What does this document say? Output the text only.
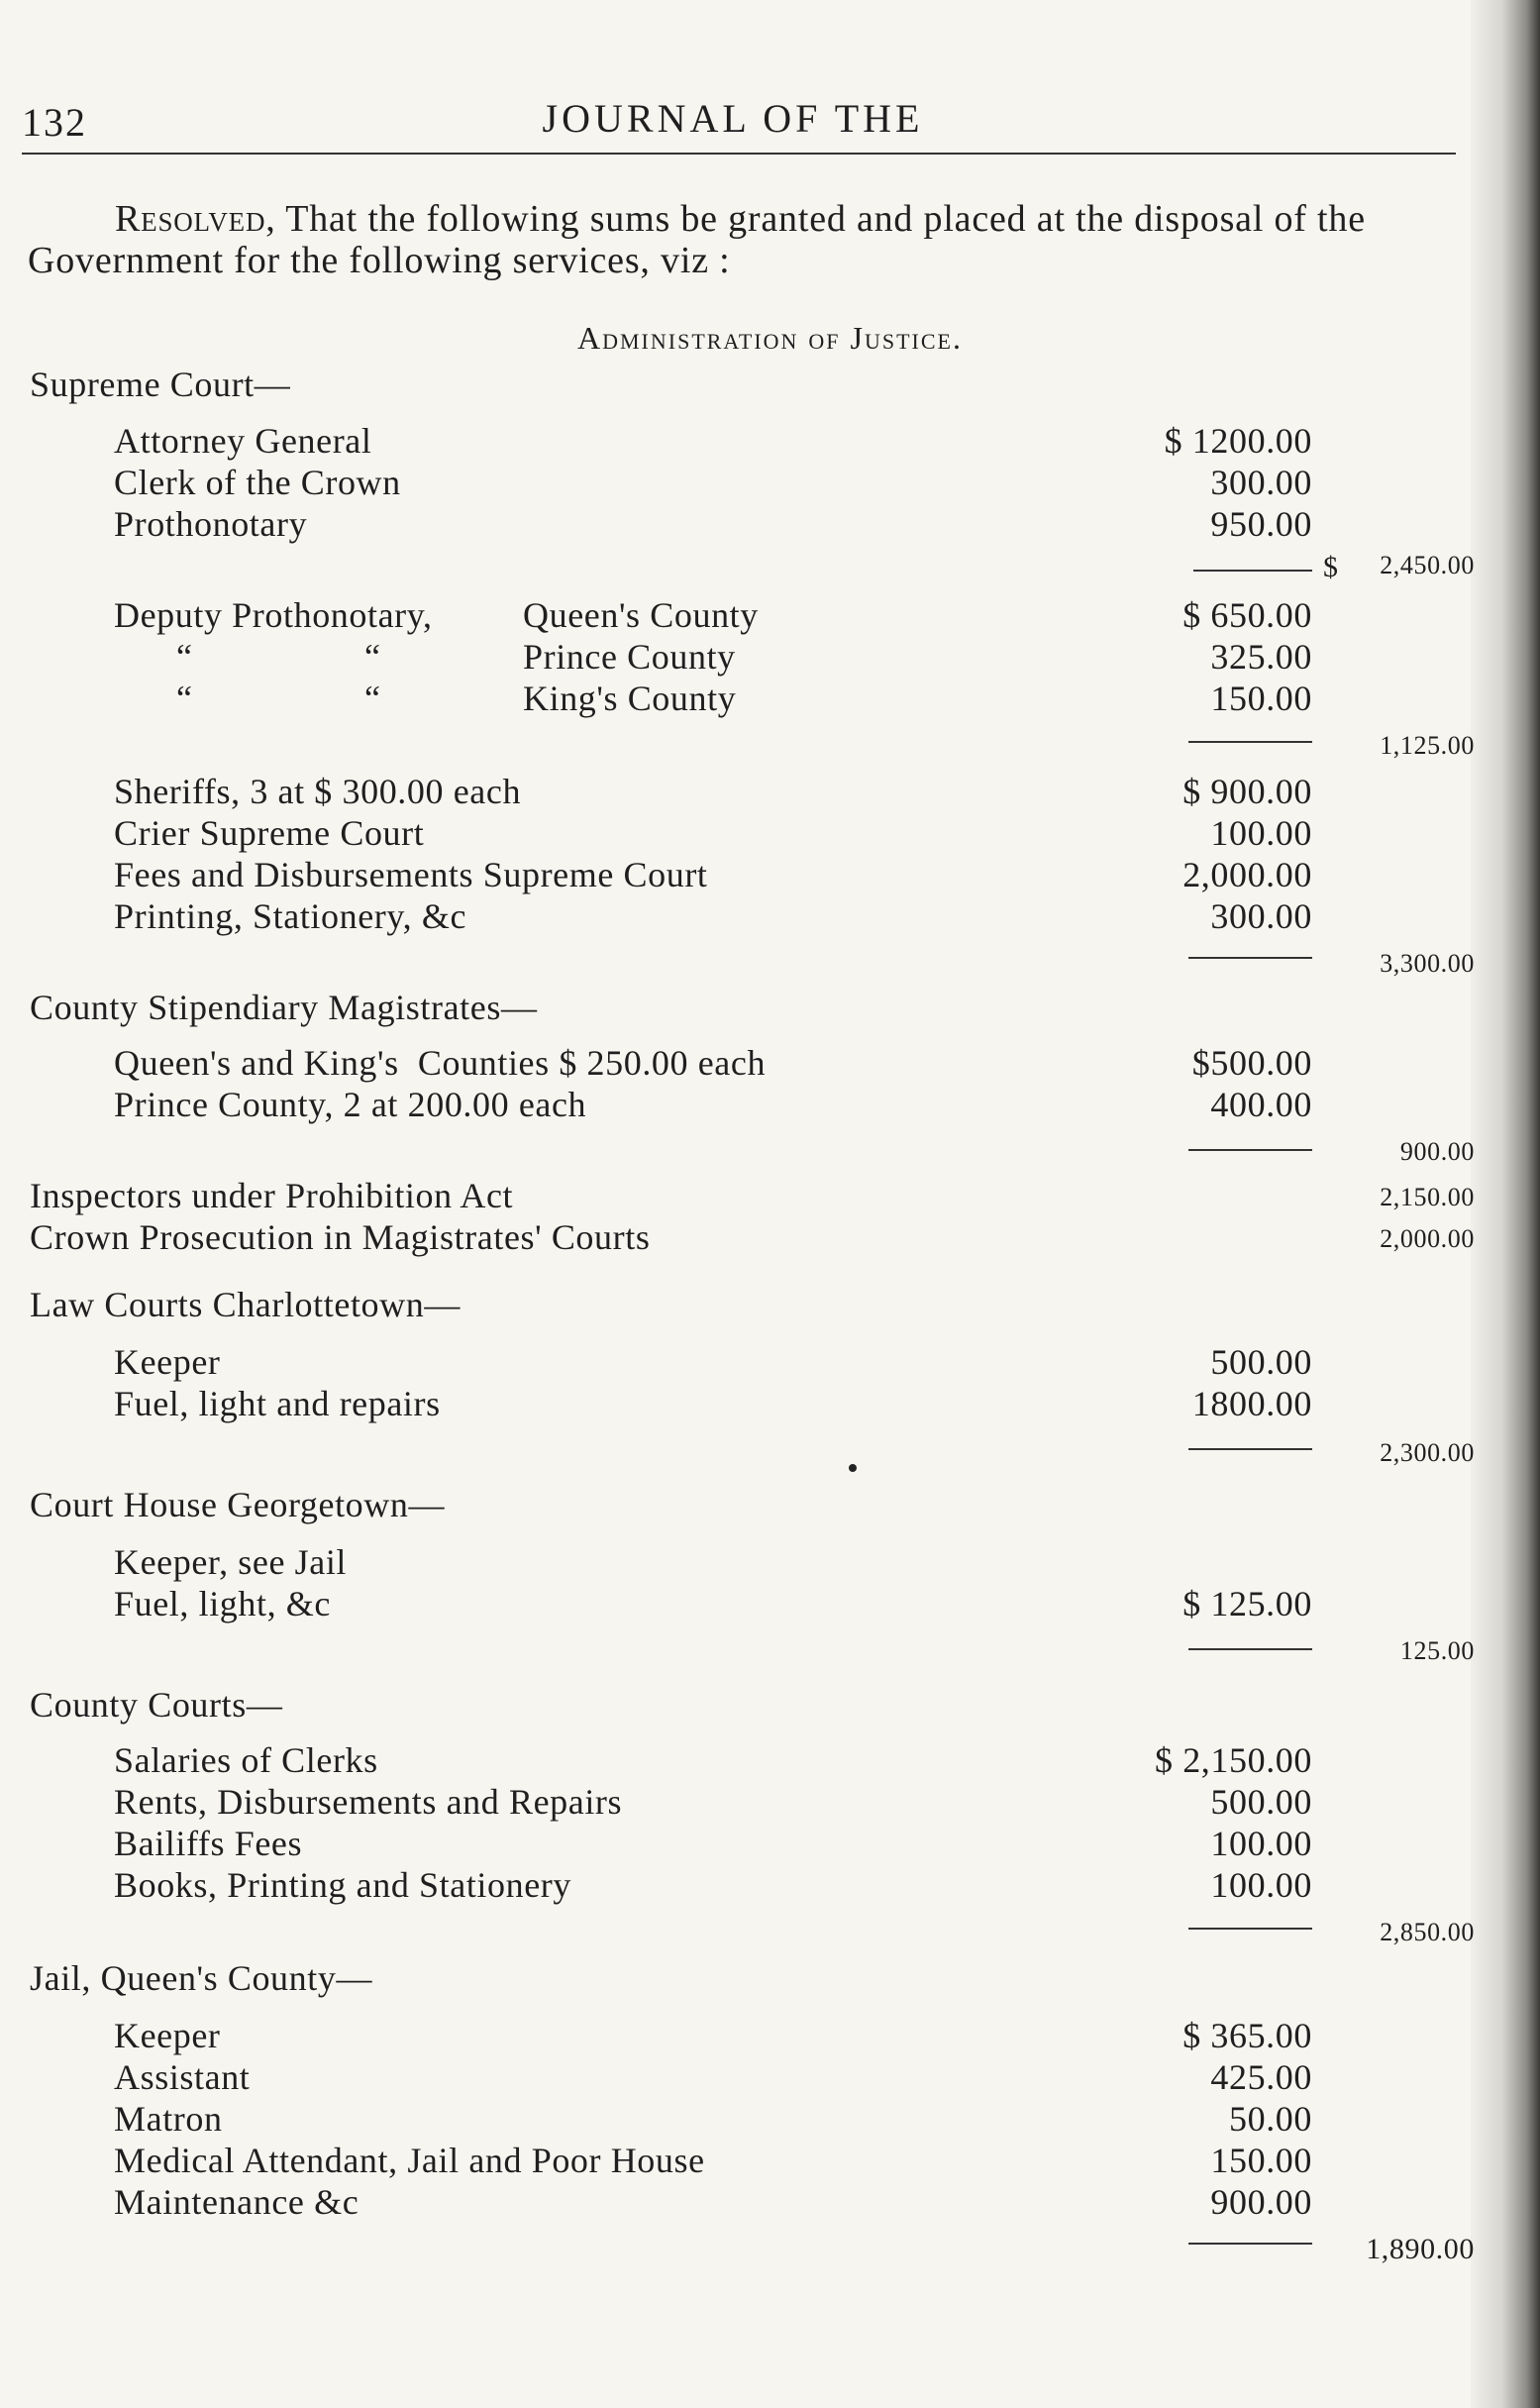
132	JOURNAL OF THE
Resolved, That the following sums be granted and placed at the disposal of the Government for the following services, viz :
Administration of Justice.
Supreme Court—
Attorney General	$ 1200.00
Clerk of the Crown	300.00
Prothonotary	950.00
$ 2,450.00
Deputy Prothonotary,	Queen's County	$ 650.00
“	“	Prince County	325.00
“	“	King's County	150.00
1,125.00
Sheriffs, 3 at $ 300.00 each	$ 900.00
Crier Supreme Court	100.00
Fees and Disbursements Supreme Court	2,000.00
Printing, Stationery, &c	300.00
3,300.00
County Stipendiary Magistrates—
Queen's and King's  Counties $ 250.00 each	$500.00
Prince County, 2 at 200.00 each	400.00
900.00
Inspectors under Prohibition Act	2,150.00
Crown Prosecution in Magistrates' Courts	2,000.00
Law Courts Charlottetown—
Keeper	500.00
Fuel, light and repairs	1800.00
2,300.00
Court House Georgetown—
Keeper, see Jail
Fuel, light, &c	$ 125.00
125.00
County Courts—
Salaries of Clerks	$ 2,150.00
Rents, Disbursements and Repairs	500.00
Bailiffs Fees	100.00
Books, Printing and Stationery	100.00
2,850.00
Jail, Queen's County—
Keeper	$ 365.00
Assistant	425.00
Matron	50.00
Medical Attendant, Jail and Poor House	150.00
Maintenance &c	900.00
1,890.00
